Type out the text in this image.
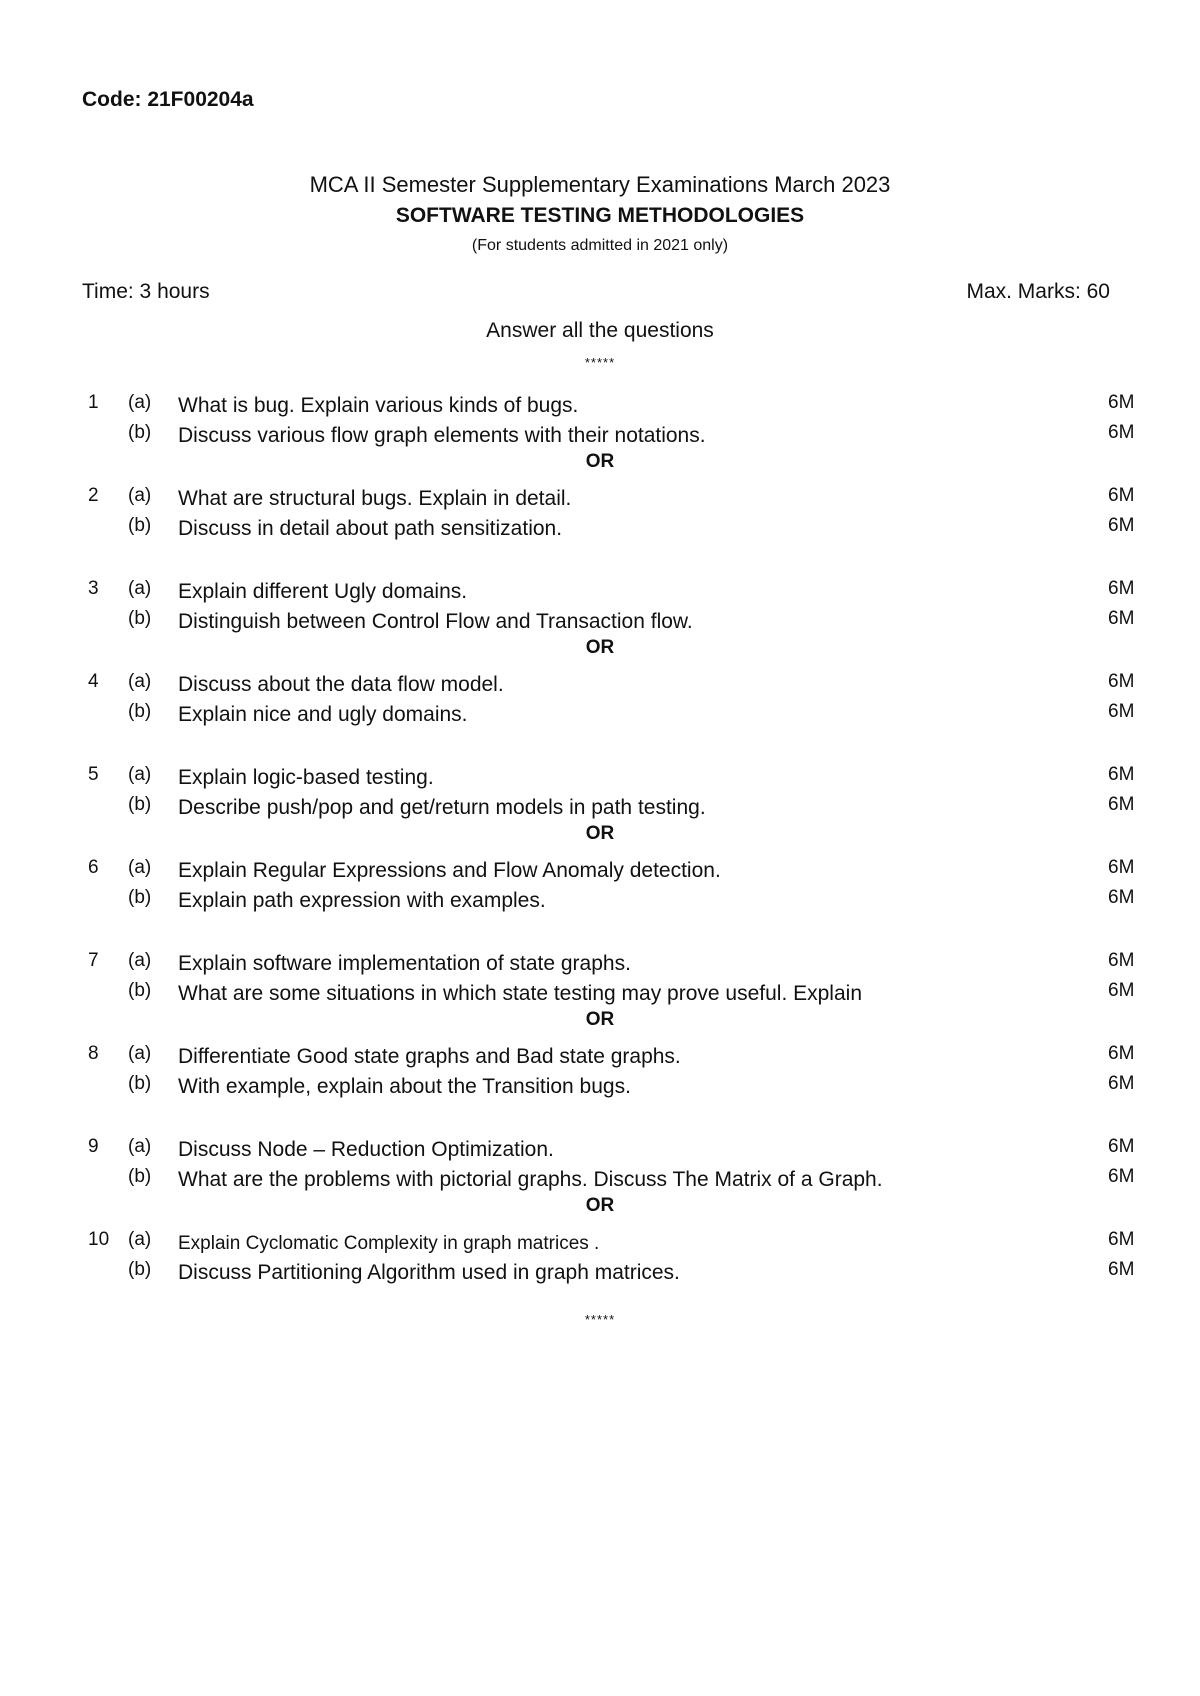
Code: 21F00204a
MCA II Semester Supplementary Examinations March 2023
SOFTWARE TESTING METHODOLOGIES
(For students admitted in 2021 only)
Time: 3 hours	Max. Marks: 60
Answer all the questions
*****
1 (a) What is bug. Explain various kinds of bugs.	6M
(b) Discuss various flow graph elements with their notations.	6M
OR
2 (a) What are structural bugs. Explain in detail.	6M
(b) Discuss in detail about path sensitization.	6M
3 (a) Explain different Ugly domains.	6M
(b) Distinguish between Control Flow and Transaction flow.	6M
OR
4 (a) Discuss about the data flow model.	6M
(b) Explain nice and ugly domains.	6M
5 (a) Explain logic-based testing.	6M
(b) Describe push/pop and get/return models in path testing.	6M
OR
6 (a) Explain Regular Expressions and Flow Anomaly detection.	6M
(b) Explain path expression with examples.	6M
7 (a) Explain software implementation of state graphs.	6M
(b) What are some situations in which state testing may prove useful. Explain	6M
OR
8 (a) Differentiate Good state graphs and Bad state graphs.	6M
(b) With example, explain about the Transition bugs.	6M
9 (a) Discuss Node – Reduction Optimization.	6M
(b) What are the problems with pictorial graphs. Discuss The Matrix of a Graph.	6M
OR
10 (a) Explain Cyclomatic Complexity in graph matrices .	6M
(b) Discuss Partitioning Algorithm used in graph matrices.	6M
*****
